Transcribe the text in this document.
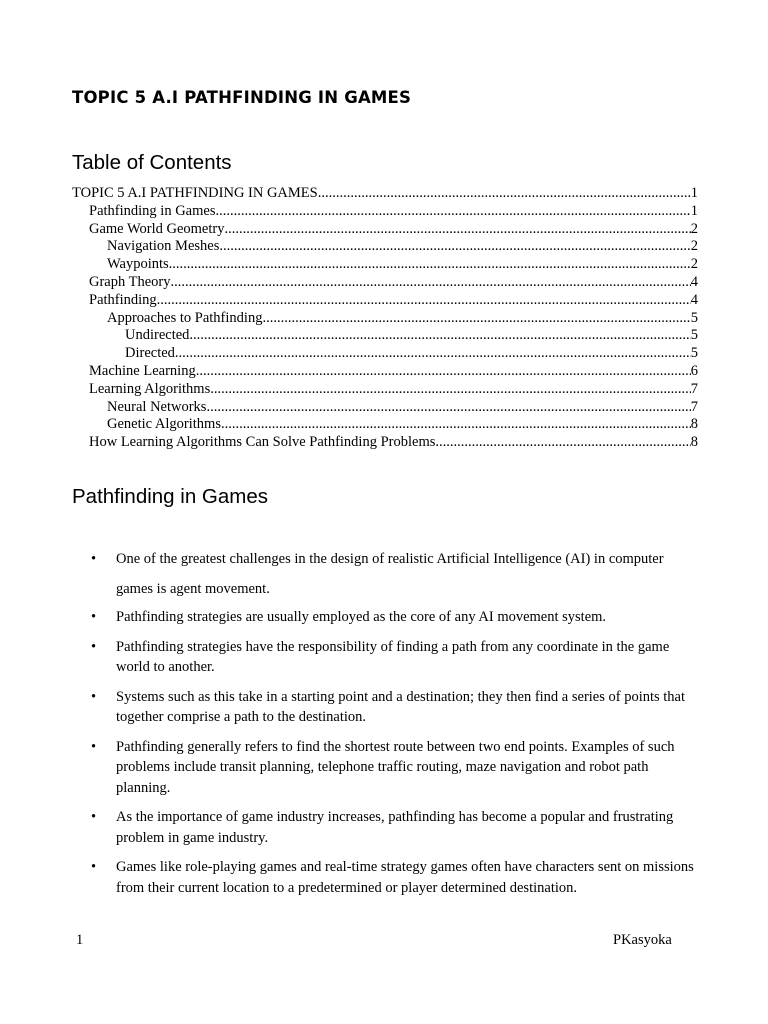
TOPIC 5 A.I PATHFINDING IN GAMES
Table of Contents
TOPIC 5 A.I PATHFINDING IN GAMES .....	1
Pathfinding in Games .....	1
Game World Geometry .....	2
Navigation Meshes .....	2
Waypoints .....	2
Graph Theory .....	4
Pathfinding .....	4
Approaches to Pathfinding .....	5
Undirected .....	5
Directed .....	5
Machine Learning .....	6
Learning Algorithms .....	7
Neural Networks .....	7
Genetic Algorithms .....	8
How Learning Algorithms Can Solve Pathfinding Problems .....	8
Pathfinding in Games
• One of the greatest challenges in the design of realistic Artificial Intelligence (AI) in computer games is agent movement.
• Pathfinding strategies are usually employed as the core of any AI movement system.
• Pathfinding strategies have the responsibility of finding a path from any coordinate in the game world to another.
• Systems such as this take in a starting point and a destination; they then find a series of points that together comprise a path to the destination.
• Pathfinding generally refers to find the shortest route between two end points. Examples of such problems include transit planning, telephone traffic routing, maze navigation and robot path planning.
• As the importance of game industry increases, pathfinding has become a popular and frustrating problem in game industry.
• Games like role-playing games and real-time strategy games often have characters sent on missions from their current location to a predetermined or player determined destination.
1	PKasyoka
